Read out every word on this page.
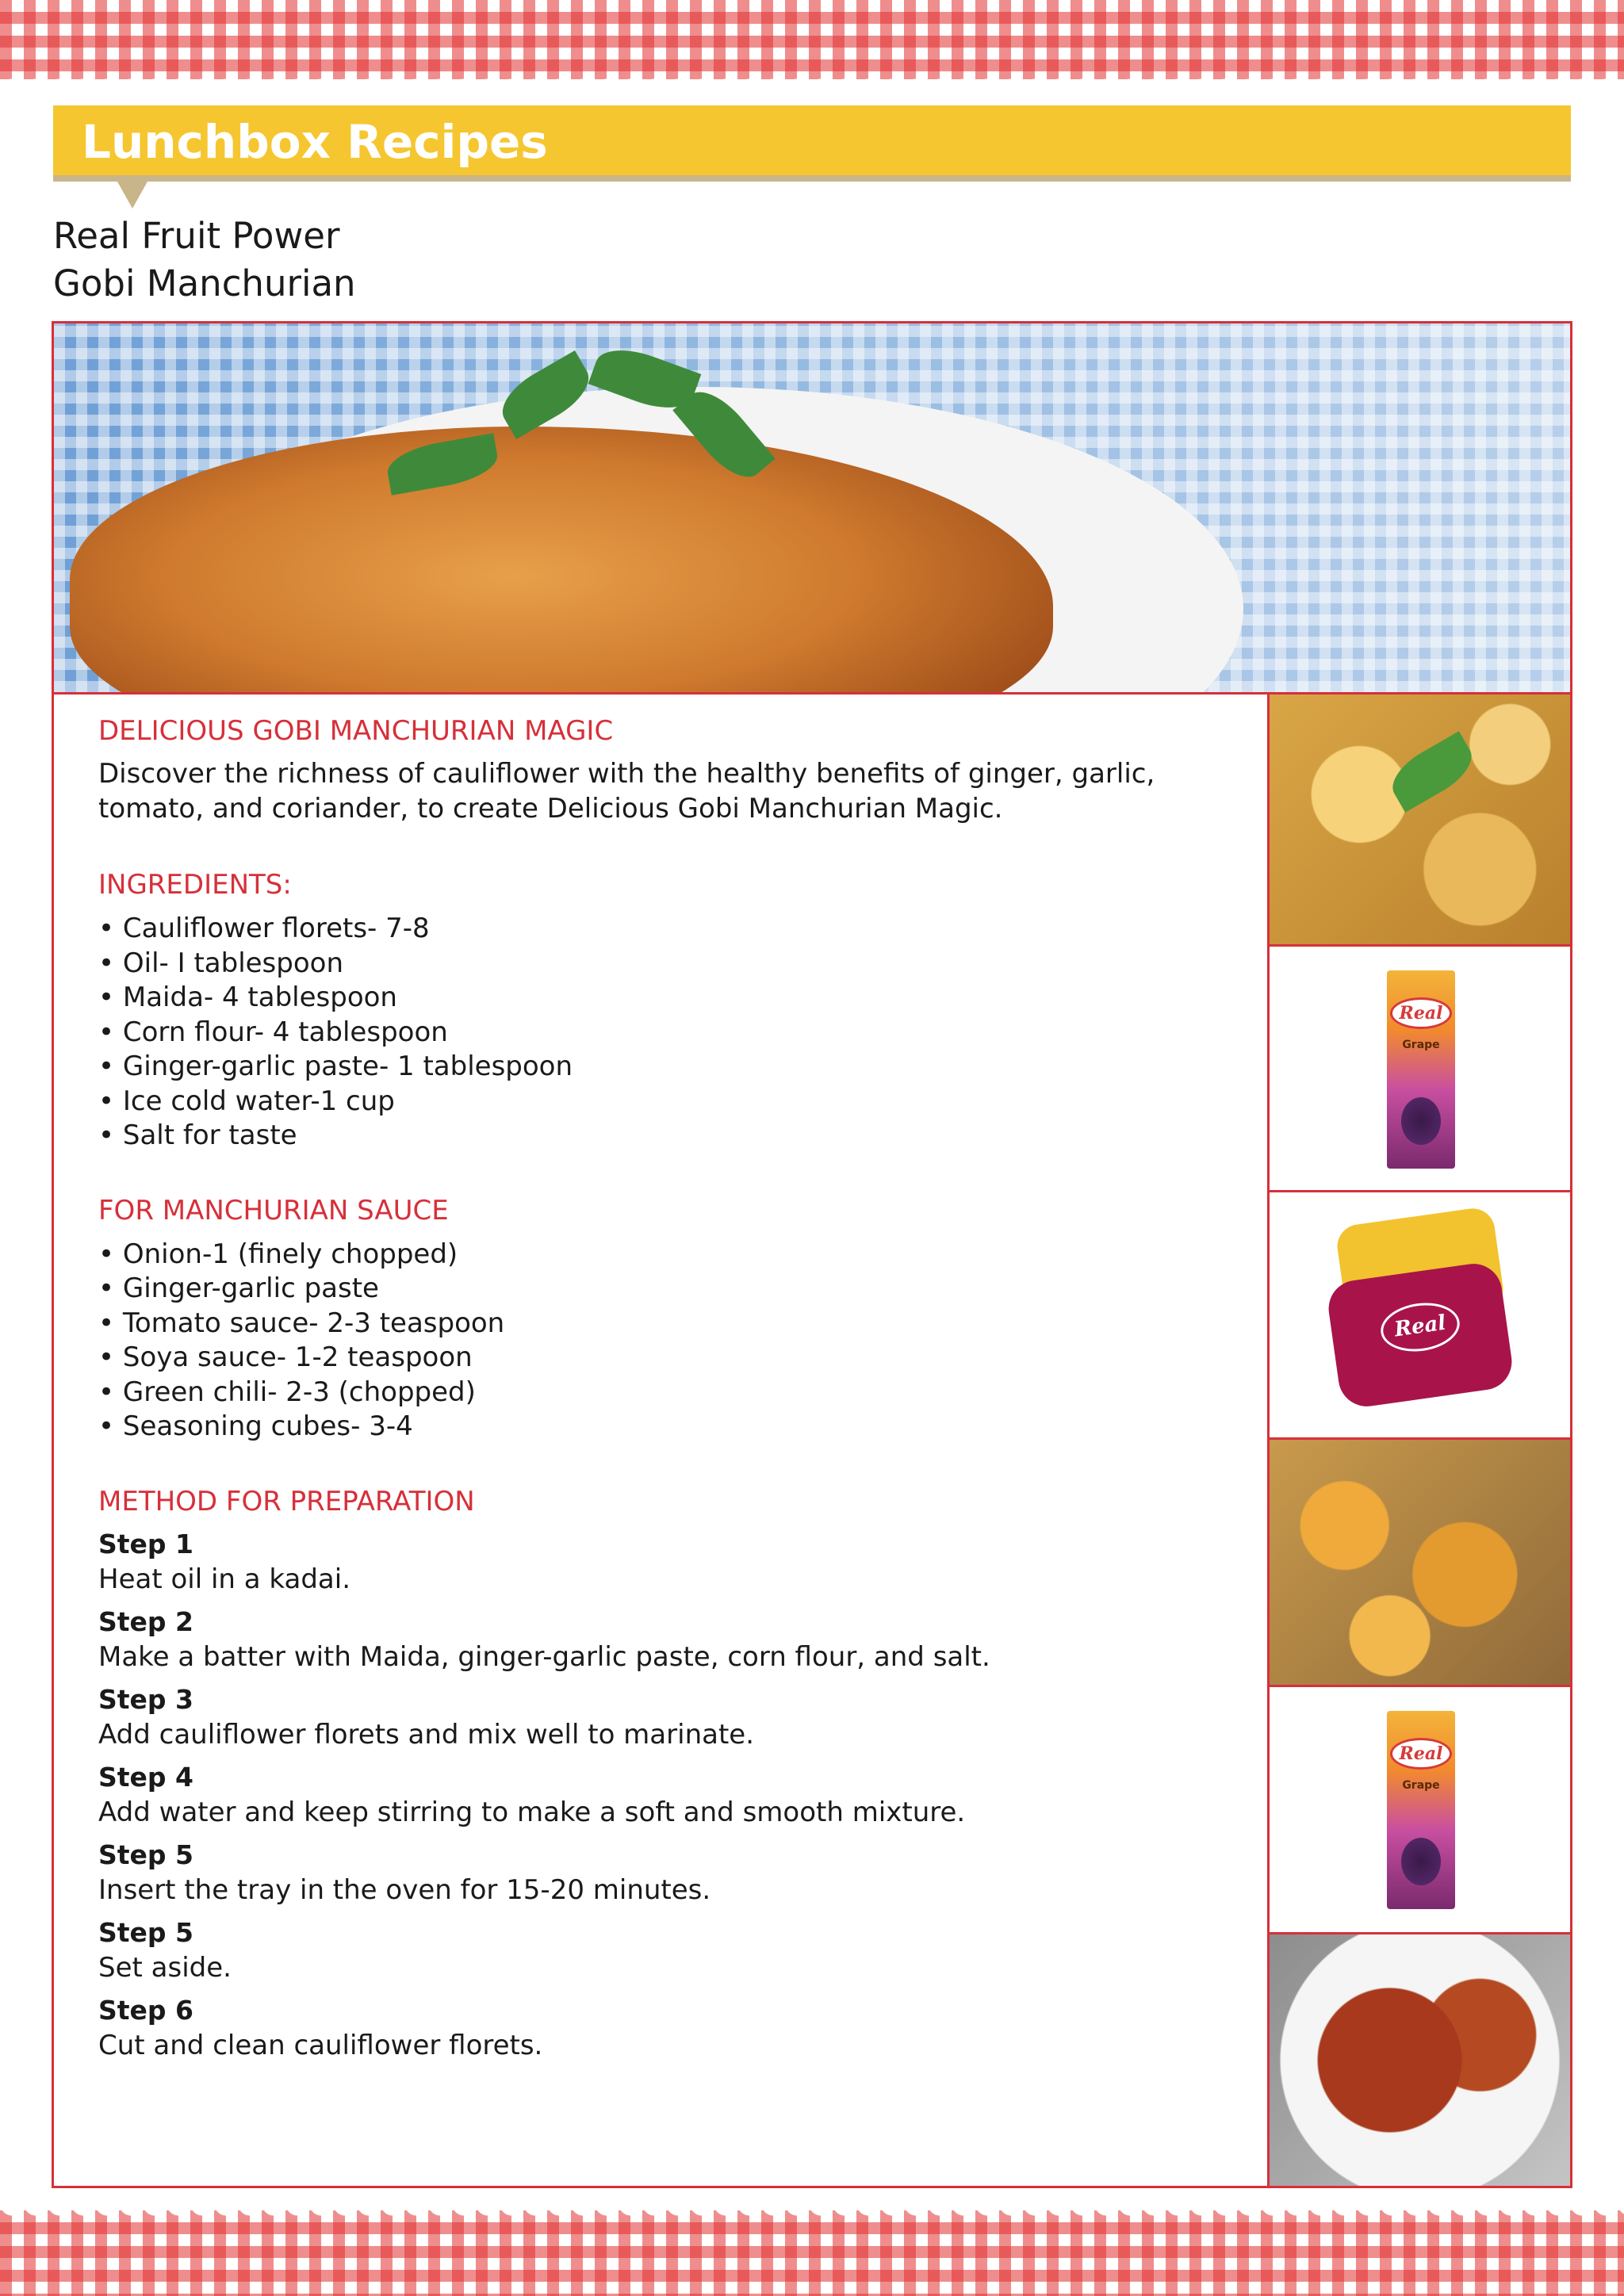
Lunchbox Recipes
Real Fruit Power
Gobi Manchurian
Real
Grape
Real
Real
Grape
DELICIOUS GOBI MANCHURIAN MAGIC

Discover the richness of cauliflower with the healthy benefits of ginger, garlic, tomato, and coriander, to create Delicious Gobi Manchurian Magic.

INGREDIENTS:
• Cauliflower florets- 7-8
• Oil- I tablespoon
• Maida- 4 tablespoon
• Corn flour- 4 tablespoon
• Ginger-garlic paste- 1 tablespoon
• Ice cold water-1 cup
• Salt for taste
FOR MANCHURIAN SAUCE
• Onion-1 (finely chopped)
• Ginger-garlic paste
• Tomato sauce- 2-3 teaspoon
• Soya sauce- 1-2 teaspoon
• Green chili- 2-3 (chopped)
• Seasoning cubes- 3-4
METHOD FOR PREPARATION
Step 1
Heat oil in a kadai.
Step 2
Make a batter with Maida, ginger-garlic paste, corn flour, and salt.
Step 3
Add cauliflower florets and mix well to marinate.
Step 4
Add water and keep stirring to make a soft and smooth mixture.
Step 5
Insert the tray in the oven for 15-20 minutes.
Step 5
Set aside.
Step 6
Cut and clean cauliflower florets.
